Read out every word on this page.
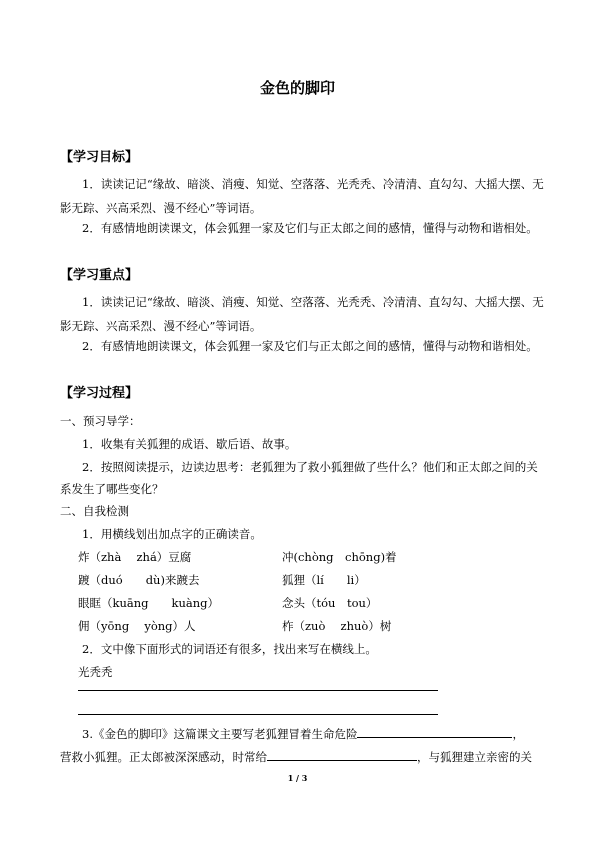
金色的脚印
【学习目标】
1．读读记记“缘故、暗淡、消瘦、知觉、空落落、光秃秃、冷清清、直勾勾、大摇大摆、无影无踪、兴高采烈、漫不经心”等词语。
2．有感情地朗读课文，体会狐狸一家及它们与正太郎之间的感情，懂得与动物和谐相处。
【学习重点】
1．读读记记“缘故、暗淡、消瘦、知觉、空落落、光秃秃、冷清清、直勾勾、大摇大摆、无影无踪、兴高采烈、漫不经心”等词语。
2．有感情地朗读课文，体会狐狸一家及它们与正太郎之间的感情，懂得与动物和谐相处。
【学习过程】
一、预习导学：
1．收集有关狐狸的成语、歇后语、故事。
2．按照阅读提示，边读边思考：老狐狸为了救小狐狸做了些什么？他们和正太郎之间的关系发生了哪些变化？
二、自我检测
1．用横线划出加点字的正确读音。
炸（zhà　 zhá）豆腐	冲(chòng　chōng)着
踱（duó　　dù)来踱去	狐狸（lí　　li）
眼眶（kuāng　　kuàng）	念头（tóu　tou）
佣（yōng　 yòng）人	柞（zuò　 zhuò）树
2．文中像下面形式的词语还有很多，找出来写在横线上。
光秃秃
3.《金色的脚印》这篇课文主要写老狐狸冒着生命危险	，
营救小狐狸。正太郎被深深感动，时常给	，与狐狸建立亲密的关
1 / 3
